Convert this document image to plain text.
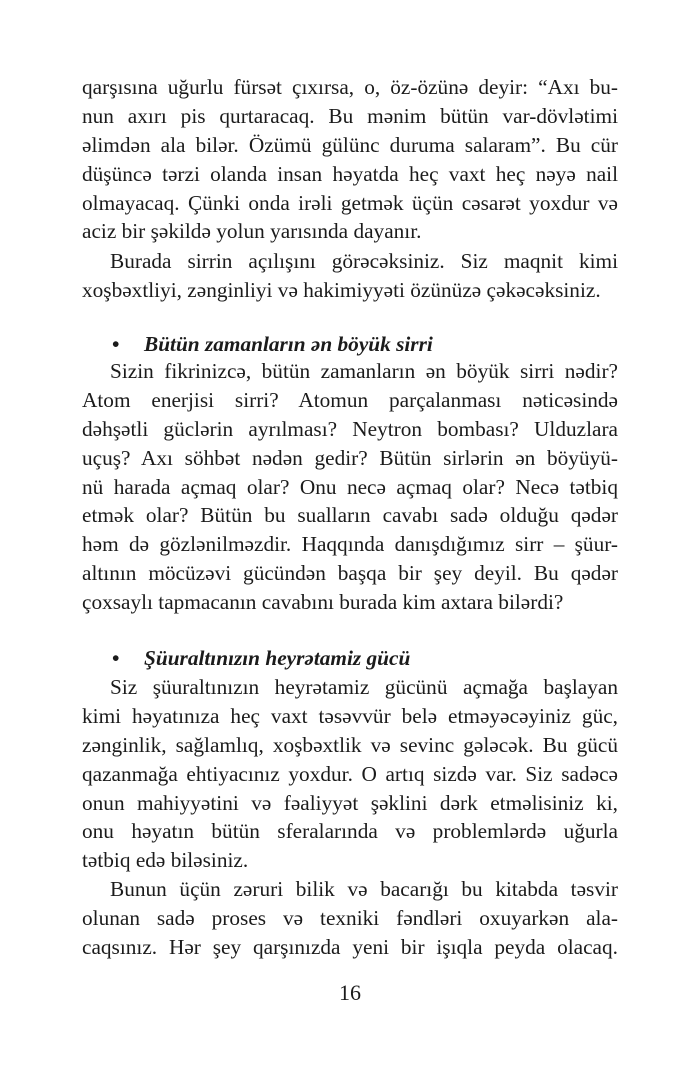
qarşısına uğurlu fürsət çıxırsa, o, öz-özünə deyir: “Axı bu-
nun axırı pis qurtaracaq. Bu mənim bütün var-dövlətimi
əlimdən ala bilər. Özümü gülünc duruma salaram”. Bu cür
düşüncə tərzi olanda insan həyatda heç vaxt heç nəyə nail
olmayacaq. Çünki onda irəli getmək üçün cəsarət yoxdur və
aciz bir şəkildə yolun yarısında dayanır.
Burada sirrin açılışını görəcəksiniz. Siz maqnit kimi
xoşbəxtliyi, zənginliyi və hakimiyyəti özünüzə çəkəcəksiniz.
• Bütün zamanların ən böyük sirri
Sizin fikrinizcə, bütün zamanların ən böyük sirri nədir?
Atom enerjisi sirri? Atomun parçalanması nəticəsində
dəhşətli güclərin ayrılması? Neytron bombası? Ulduzlara
uçuş? Axı söhbət nədən gedir? Bütün sirlərin ən böyüyü-
nü harada açmaq olar? Onu necə açmaq olar? Necə tətbiq
etmək olar? Bütün bu sualların cavabı sadə olduğu qədər
həm də gözlənilməzdir. Haqqında danışdığımız sirr – şüur-
altının möcüzəvi gücündən başqa bir şey deyil. Bu qədər
çoxsaylı tapmacanın cavabını burada kim axtara bilərdi?
• Şüuraltınızın heyrətamiz gücü
Siz şüuraltınızın heyrətamiz gücünü açmağa başlayan
kimi həyatınıza heç vaxt təsəvvür belə etməyəcəyiniz güc,
zənginlik, sağlamlıq, xoşbəxtlik və sevinc gələcək. Bu gücü
qazanmağa ehtiyacınız yoxdur. O artıq sizdə var. Siz sadəcə
onun mahiyyətini və fəaliyyət şəklini dərk etməlisiniz ki,
onu həyatın bütün sferalarında və problemlərdə uğurla
tətbiq edə biləsiniz.
Bunun üçün zəruri bilik və bacarığı bu kitabda təsvir
olunan sadə proses və texniki fəndləri oxuyarkən ala-
caqsınız. Hər şey qarşınızda yeni bir işıqla peyda olacaq.
16
